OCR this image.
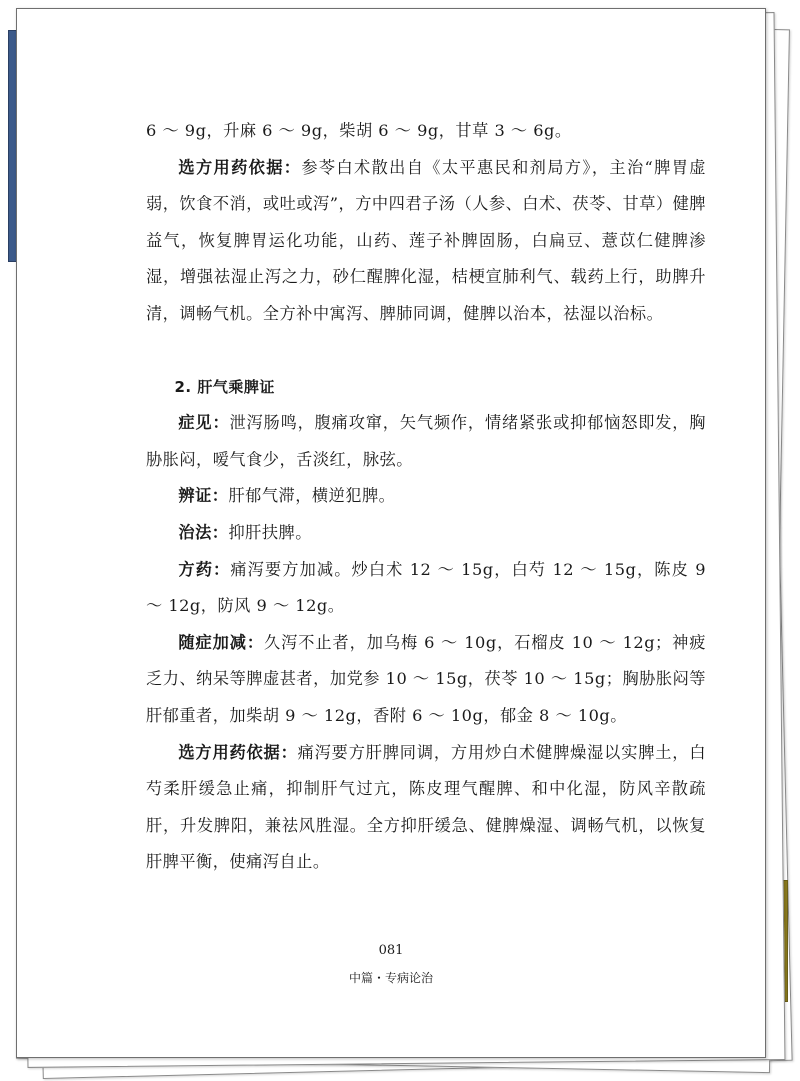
6 ～ 9g，升麻 6 ～ 9g，柴胡 6 ～ 9g，甘草 3 ～ 6g。

选方用药依据：参苓白术散出自《太平惠民和剂局方》，主治“脾胃虚弱，饮食不消，或吐或泻”，方中四君子汤（人参、白术、茯苓、甘草）健脾益气，恢复脾胃运化功能，山药、莲子补脾固肠，白扁豆、薏苡仁健脾渗湿，增强祛湿止泻之力，砂仁醒脾化湿，桔梗宣肺利气、载药上行，助脾升清，调畅气机。全方补中寓泻、脾肺同调，健脾以治本，祛湿以治标。

2. 肝气乘脾证

症见：泄泻肠鸣，腹痛攻窜，矢气频作，情绪紧张或抑郁恼怒即发，胸胁胀闷，嗳气食少，舌淡红，脉弦。

辨证：肝郁气滞，横逆犯脾。

治法：抑肝扶脾。

方药：痛泻要方加减。炒白术 12 ～ 15g，白芍 12 ～ 15g，陈皮 9 ～ 12g，防风 9 ～ 12g。

随症加减：久泻不止者，加乌梅 6 ～ 10g，石榴皮 10 ～ 12g；神疲乏力、纳呆等脾虚甚者，加党参 10 ～ 15g，茯苓 10 ～ 15g；胸胁胀闷等肝郁重者，加柴胡 9 ～ 12g，香附 6 ～ 10g，郁金 8 ～ 10g。

选方用药依据：痛泻要方肝脾同调，方用炒白术健脾燥湿以实脾土，白芍柔肝缓急止痛，抑制肝气过亢，陈皮理气醒脾、和中化湿，防风辛散疏肝，升发脾阳，兼祛风胜湿。全方抑肝缓急、健脾燥湿、调畅气机，以恢复肝脾平衡，使痛泻自止。

081
中篇・专病论治
